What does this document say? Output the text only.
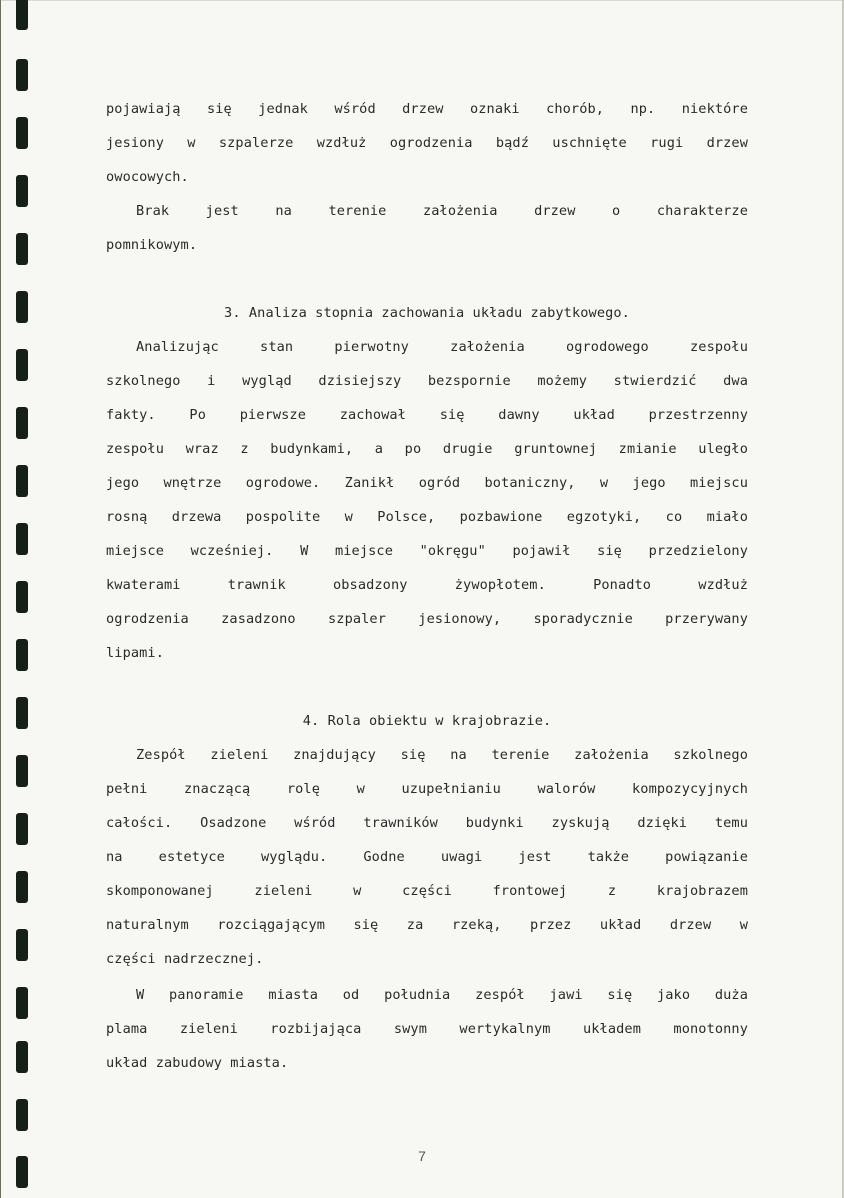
pojawiają się jednak wśród drzew oznaki chorób, np. niektóre
jesiony w szpalerze wzdłuż ogrodzenia bądź uschnięte rugi drzew
owocowych.
Brak jest na terenie założenia drzew o charakterze
pomnikowym.
3. Analiza stopnia zachowania układu zabytkowego.
Analizując stan pierwotny założenia ogrodowego zespołu
szkolnego i wygląd dzisiejszy bezspornie możemy stwierdzić dwa
fakty. Po pierwsze zachował się dawny układ przestrzenny
zespołu wraz z budynkami, a po drugie gruntownej zmianie uległo
jego wnętrze ogrodowe. Zanikł ogród botaniczny, w jego miejscu
rosną drzewa pospolite w Polsce, pozbawione egzotyki, co miało
miejsce wcześniej. W miejsce "okręgu" pojawił się przedzielony
kwaterami trawnik obsadzony żywopłotem. Ponadto wzdłuż
ogrodzenia zasadzono szpaler jesionowy, sporadycznie przerywany
lipami.
4. Rola obiektu w krajobrazie.
Zespół zieleni znajdujący się na terenie założenia szkolnego
pełni znaczącą rolę w uzupełnianiu walorów kompozycyjnych
całości. Osadzone wśród trawników budynki zyskują dzięki temu
na estetyce wyglądu. Godne uwagi jest także powiązanie
skomponowanej zieleni w części frontowej z krajobrazem
naturalnym rozciągającym się za rzeką, przez układ drzew w
części nadrzecznej.
W panoramie miasta od południa zespół jawi się jako duża
plama zieleni rozbijająca swym wertykalnym układem monotonny
układ zabudowy miasta.
7
